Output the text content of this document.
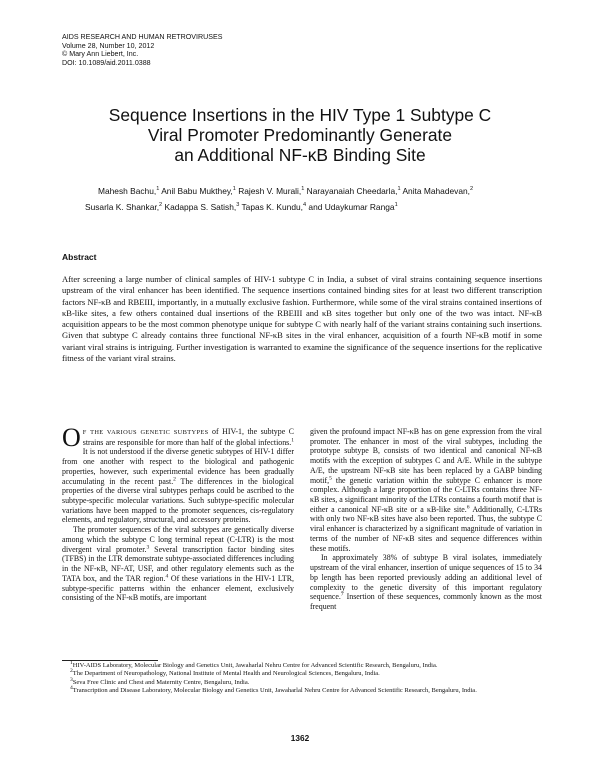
AIDS RESEARCH AND HUMAN RETROVIRUSES
Volume 28, Number 10, 2012
© Mary Ann Liebert, Inc.
DOI: 10.1089/aid.2011.0388
Sequence Insertions in the HIV Type 1 Subtype C
Viral Promoter Predominantly Generate
an Additional NF-κB Binding Site
Mahesh Bachu,$^1$ Anil Babu Mukthey,$^1$ Rajesh V. Murali,$^1$ Narayanaiah Cheedarla,$^1$ Anita Mahadevan,$^2$
Susarla K. Shankar,$^2$ Kadappa S. Satish,$^3$ Tapas K. Kundu,$^4$ and Udaykumar Ranga$^1$
Abstract

After screening a large number of clinical samples of HIV-1 subtype C in India, a subset of viral strains containing sequence insertions upstream of the viral enhancer has been identified. The sequence insertions contained binding sites for at least two different transcription factors NF-κB and RBEIII, importantly, in a mutually exclusive fashion. Furthermore, while some of the viral strains contained insertions of κB-like sites, a few others contained dual insertions of the RBEIII and κB sites together but only one of the two was intact. NF-κB acquisition appears to be the most common phenotype unique for subtype C with nearly half of the variant strains containing such insertions. Given that subtype C already contains three functional NF-κB sites in the viral enhancer, acquisition of a fourth NF-κB motif in some variant viral strains is intriguing. Further investigation is warranted to examine the significance of the sequence insertions for the replicative fitness of the variant viral strains.

OF THE VARIOUS GENETIC SUBTYPES of HIV-1, the subtype C strains are responsible for more than half of the global infections.$^1$ It is not understood if the diverse genetic subtypes of HIV-1 differ from one another with respect to the biological and pathogenic properties, however, such experimental evidence has been gradually accumulating in the recent past.$^2$ The differences in the biological properties of the diverse viral subtypes perhaps could be ascribed to the subtype-specific molecular variations. Such subtype-specific molecular variations have been mapped to the promoter sequences, cis-regulatory elements, and regulatory, structural, and accessory proteins.

The promoter sequences of the viral subtypes are genetically diverse among which the subtype C long terminal repeat (C-LTR) is the most divergent viral promoter.$^3$ Several transcription factor binding sites (TFBS) in the LTR demonstrate subtype-associated differences including in the NF-κB, NF-AT, USF, and other regulatory elements such as the TATA box, and the TAR region.$^4$ Of these variations in the HIV-1 LTR, subtype-specific patterns within the enhancer element, exclusively consisting of the NF-κB motifs, are important

given the profound impact NF-κB has on gene expression from the viral promoter. The enhancer in most of the viral subtypes, including the prototype subtype B, consists of two identical and canonical NF-κB motifs with the exception of subtypes C and A/E. While in the subtype A/E, the upstream NF-κB site has been replaced by a GABP binding motif,$^5$ the genetic variation within the subtype C enhancer is more complex. Although a large proportion of the C-LTRs contains three NF-κB sites, a significant minority of the LTRs contains a fourth motif that is either a canonical NF-κB site or a κB-like site.$^6$ Additionally, C-LTRs with only two NF-κB sites have also been reported. Thus, the subtype C viral enhancer is characterized by a significant magnitude of variation in terms of the number of NF-κB sites and sequence differences within these motifs.

In approximately 38% of subtype B viral isolates, immediately upstream of the viral enhancer, insertion of unique sequences of 15 to 34 bp length has been reported previously adding an additional level of complexity to the genetic diversity of this important regulatory sequence.$^7$ Insertion of these sequences, commonly known as the most frequent

$^1$HIV-AIDS Laboratory, Molecular Biology and Genetics Unit, Jawaharlal Nehru Centre for Advanced Scientific Research, Bengaluru, India.
$^2$The Department of Neuropathology, National Institute of Mental Health and Neurological Sciences, Bengaluru, India.
$^3$Seva Free Clinic and Chest and Maternity Centre, Bengaluru, India.
$^4$Transcription and Disease Laboratory, Molecular Biology and Genetics Unit, Jawaharlal Nehru Centre for Advanced Scientific Research, Bengaluru, India.
1362
